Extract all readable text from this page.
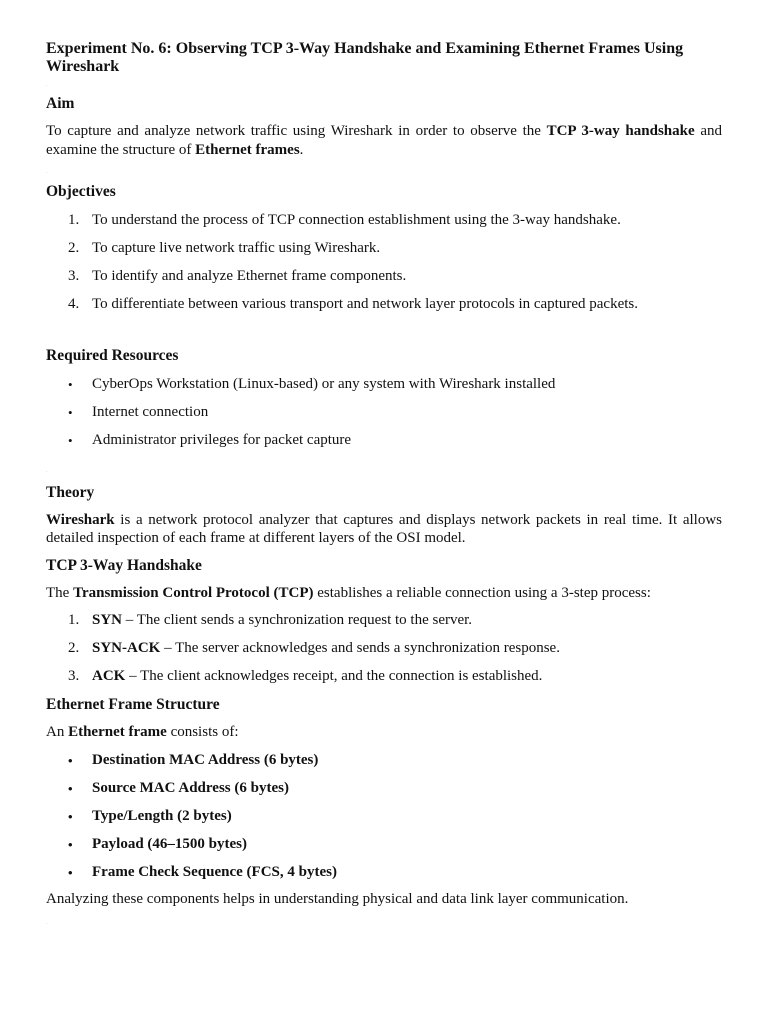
Experiment No. 6: Observing TCP 3-Way Handshake and Examining Ethernet Frames Using Wireshark
.
Aim

To capture and analyze network traffic using Wireshark in order to observe the TCP 3-way handshake and examine the structure of Ethernet frames.

.
Objectives
1. To understand the process of TCP connection establishment using the 3-way handshake.
2. To capture live network traffic using Wireshark.
3. To identify and analyze Ethernet frame components.
4. To differentiate between various transport and network layer protocols in captured packets.
Required Resources
• CyberOps Workstation (Linux-based) or any system with Wireshark installed
• Internet connection
• Administrator privileges for packet capture
.
Theory

Wireshark is a network protocol analyzer that captures and displays network packets in real time. It allows detailed inspection of each frame at different layers of the OSI model.

TCP 3-Way Handshake

The Transmission Control Protocol (TCP) establishes a reliable connection using a 3-step process:

1. SYN – The client sends a synchronization request to the server.
2. SYN-ACK – The server acknowledges and sends a synchronization response.
3. ACK – The client acknowledges receipt, and the connection is established.
Ethernet Frame Structure

An Ethernet frame consists of:

• Destination MAC Address (6 bytes)
• Source MAC Address (6 bytes)
• Type/Length (2 bytes)
• Payload (46–1500 bytes)
• Frame Check Sequence (FCS, 4 bytes)

Analyzing these components helps in understanding physical and data link layer communication.

.
